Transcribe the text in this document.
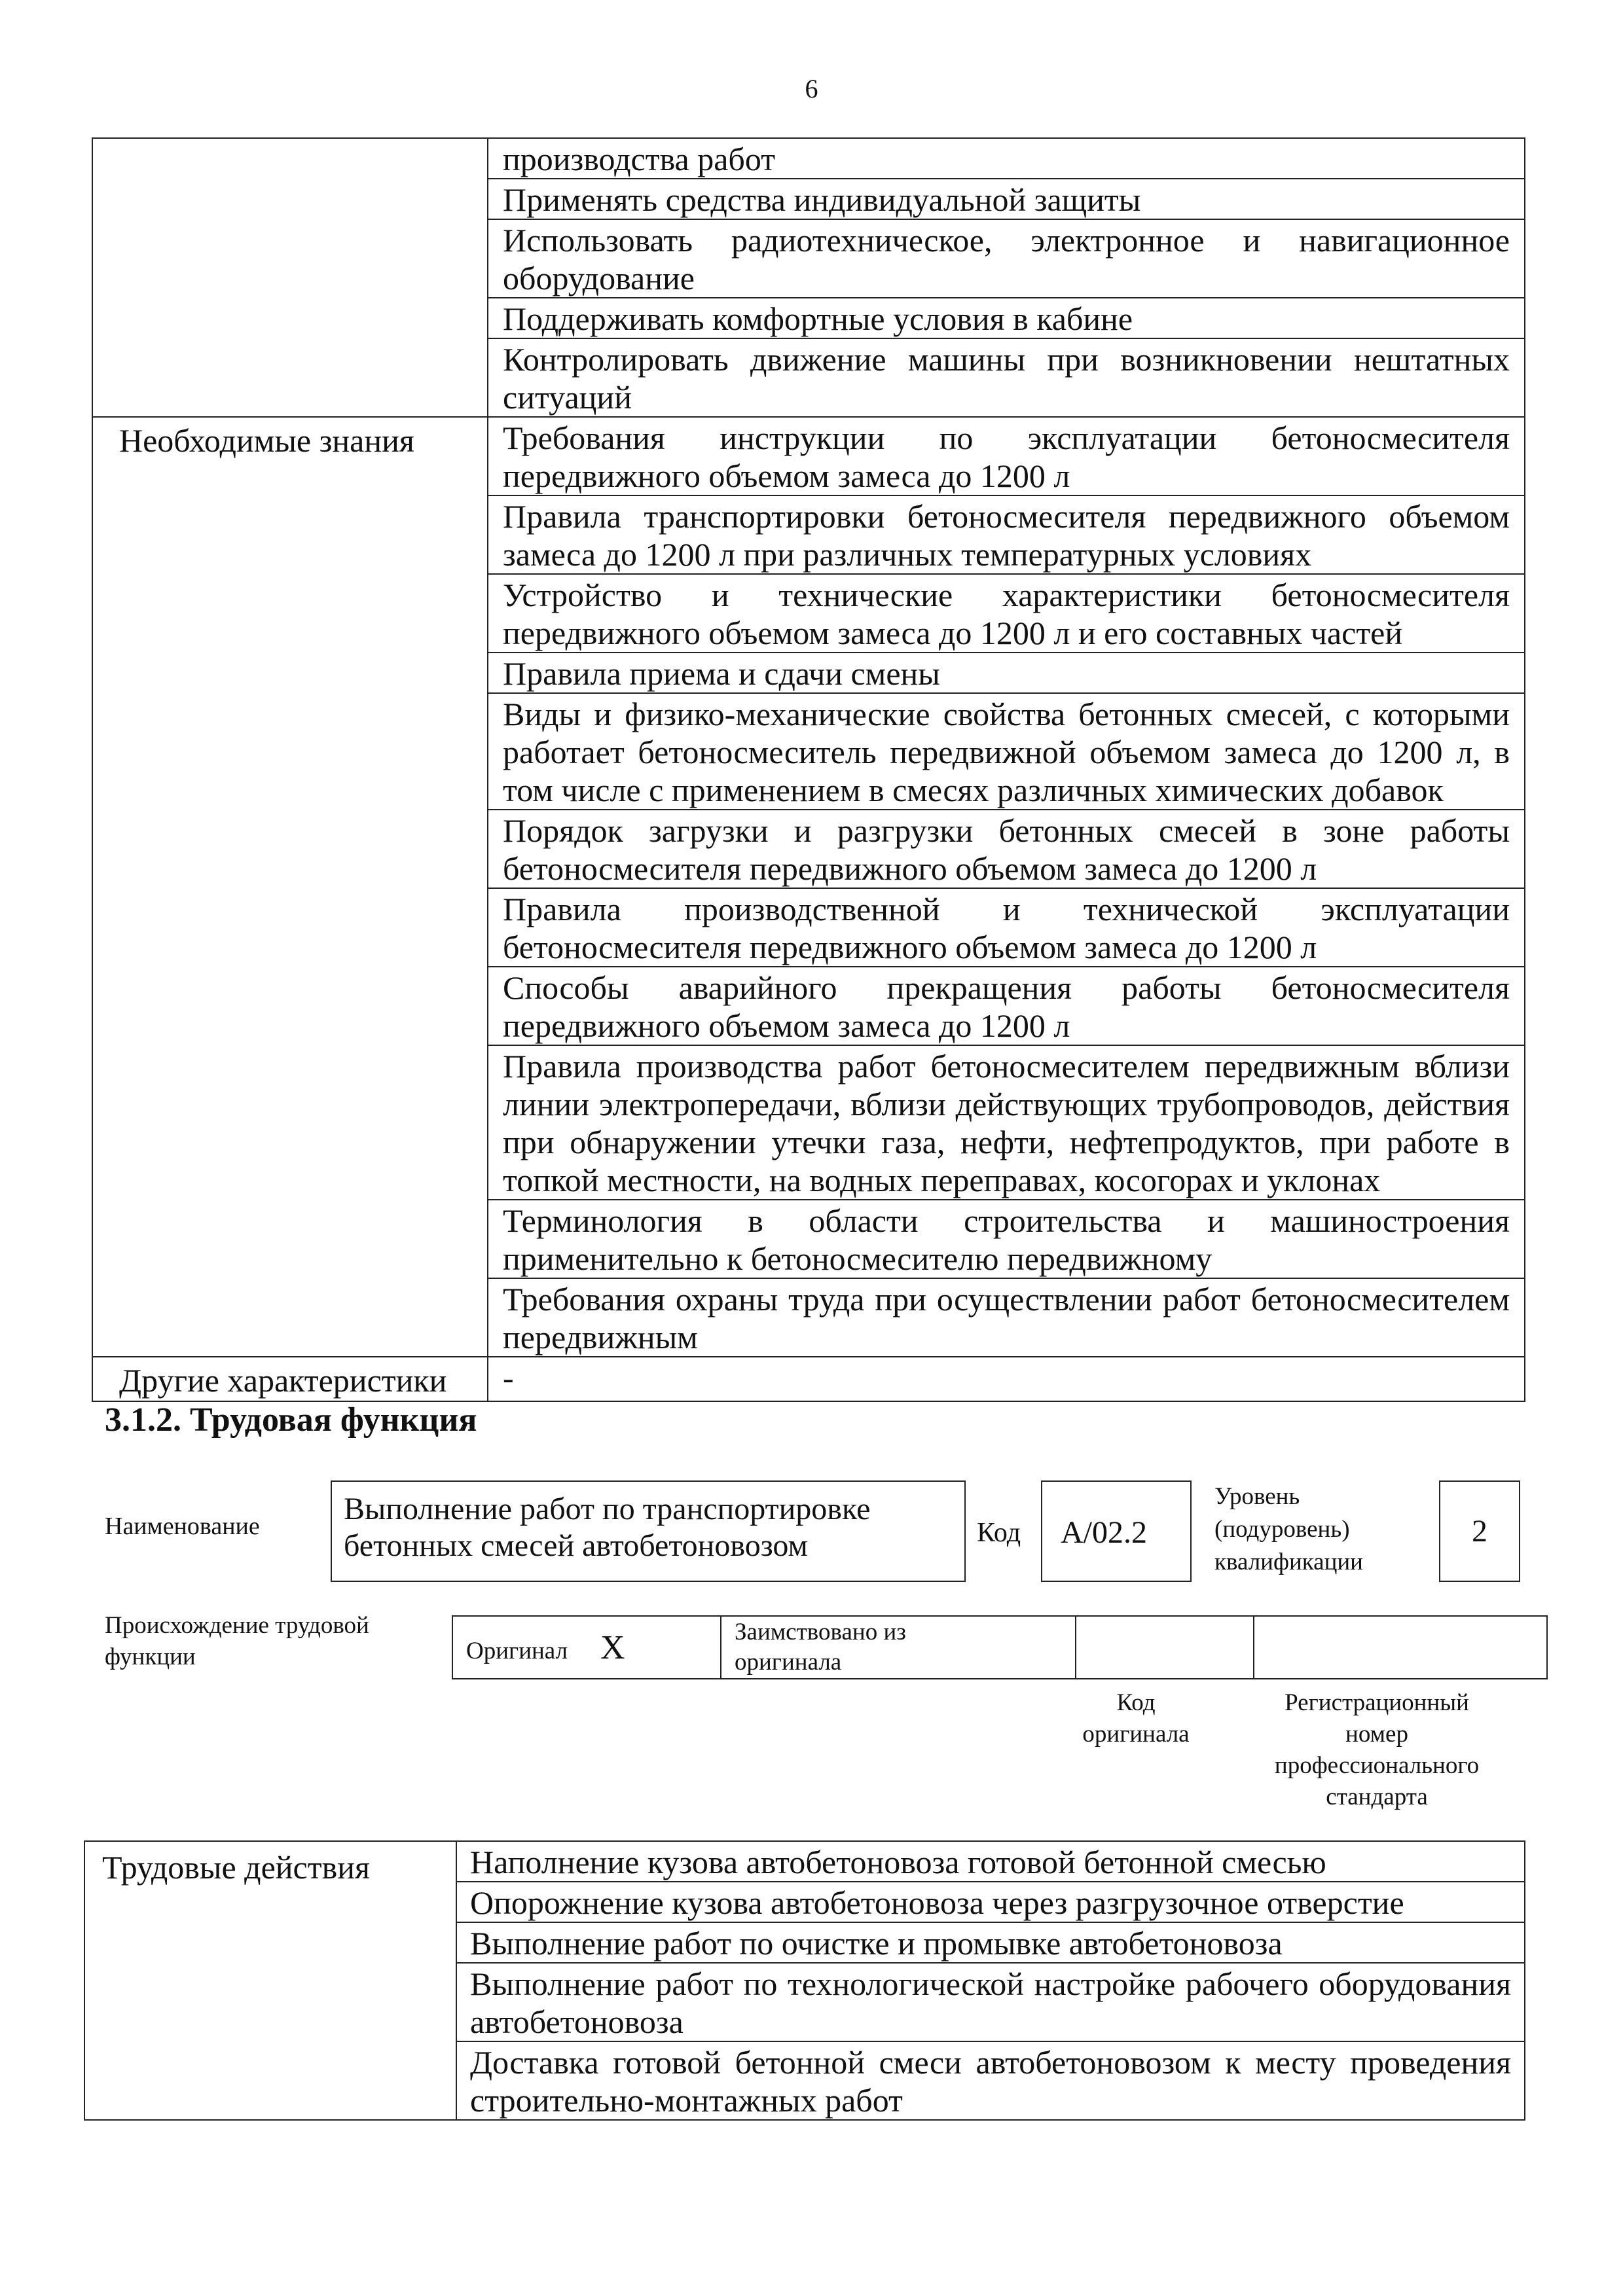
6
	производства работ
	Применять средства индивидуальной защиты
	Использовать радиотехническое, электронное и навигационное оборудование
	Поддерживать комфортные условия в кабине
	Контролировать движение машины при возникновении нештатных ситуаций
Необходимые знания	Требования инструкции по эксплуатации бетоносмесителя передвижного объемом замеса до 1200 л
	Правила транспортировки бетоносмесителя передвижного объемом замеса до 1200 л при различных температурных условиях
	Устройство и технические характеристики бетоносмесителя передвижного объемом замеса до 1200 л и его составных частей
	Правила приема и сдачи смены
	Виды и физико-механические свойства бетонных смесей, с которыми работает бетоносмеситель передвижной объемом замеса до 1200 л, в том числе с применением в смесях различных химических добавок
	Порядок загрузки и разгрузки бетонных смесей в зоне работы бетоносмесителя передвижного объемом замеса до 1200 л
	Правила производственной и технической эксплуатации бетоносмесителя передвижного объемом замеса до 1200 л
	Способы аварийного прекращения работы бетоносмесителя передвижного объемом замеса до 1200 л
	Правила производства работ бетоносмесителем передвижным вблизи линии электропередачи, вблизи действующих трубопроводов, действия при обнаружении утечки газа, нефти, нефтепродуктов, при работе в топкой местности, на водных переправах, косогорах и уклонах
	Терминология в области строительства и машиностроения применительно к бетоносмесителю передвижному
	Требования охраны труда при осуществлении работ бетоносмесителем передвижным
Другие характеристики	-
3.1.2. Трудовая функция
Наименование	Выполнение работ по транспортировке бетонных смесей автобетоновозом	Код	A/02.2
Уровень
(подуровень)
квалификации
2
Происхождение трудовой
функции	Оригинал X	Заимствовано из
оригинала

Код
оригинала
Регистрационный
номер
профессионального
стандарта
Трудовые действия	Наполнение кузова автобетоновоза готовой бетонной смесью
Опорожнение кузова автобетоновоза через разгрузочное отверстие
Выполнение работ по очистке и промывке автобетоновоза
Выполнение работ по технологической настройке рабочего оборудования автобетоновоза
Доставка готовой бетонной смеси автобетоновозом к месту проведения строительно-монтажных работ
